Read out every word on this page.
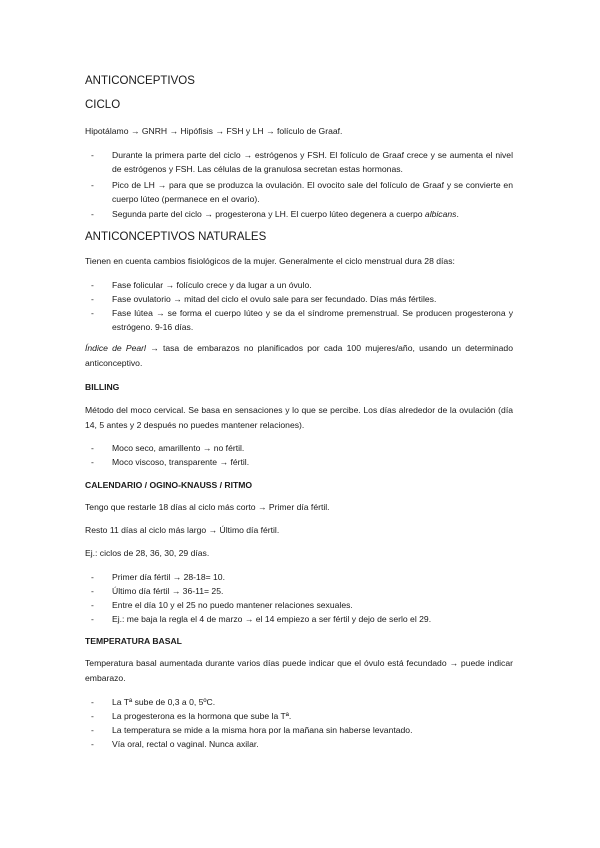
ANTICONCEPTIVOS
CICLO
Hipotálamo → GNRH → Hipófisis → FSH y LH → folículo de Graaf.
- Durante la primera parte del ciclo → estrógenos y FSH. El folículo de Graaf crece y se aumenta el nivel de estrógenos y FSH. Las células de la granulosa secretan estas hormonas.
- Pico de LH → para que se produzca la ovulación. El ovocito sale del folículo de Graaf y se convierte en cuerpo lúteo (permanece en el ovario).
- Segunda parte del ciclo → progesterona y LH. El cuerpo lúteo degenera a cuerpo albicans.
ANTICONCEPTIVOS NATURALES
Tienen en cuenta cambios fisiológicos de la mujer. Generalmente el ciclo menstrual dura 28 días:
- Fase folicular → folículo crece y da lugar a un óvulo.
- Fase ovulatorio → mitad del ciclo el ovulo sale para ser fecundado. Días más fértiles.
- Fase lútea → se forma el cuerpo lúteo y se da el síndrome premenstrual. Se producen progesterona y estrógeno. 9-16 días.
Índice de Pearl → tasa de embarazos no planificados por cada 100 mujeres/año, usando un determinado anticonceptivo.
BILLING
Método del moco cervical. Se basa en sensaciones y lo que se percibe. Los días alrededor de la ovulación (día 14, 5 antes y 2 después no puedes mantener relaciones).
- Moco seco, amarillento → no fértil.
- Moco viscoso, transparente → fértil.
CALENDARIO / OGINO-KNAUSS / RITMO
Tengo que restarle 18 días al ciclo más corto → Primer día fértil.
Resto 11 días al ciclo más largo → Último día fértil.
Ej.: ciclos de 28, 36, 30, 29 días.
- Primer día fértil → 28-18= 10.
- Último día fértil → 36-11= 25.
- Entre el día 10 y el 25 no puedo mantener relaciones sexuales.
- Ej.: me baja la regla el 4 de marzo → el 14 empiezo a ser fértil y dejo de serlo el 29.
TEMPERATURA BASAL
Temperatura basal aumentada durante varios días puede indicar que el óvulo está fecundado → puede indicar embarazo.
- La Tª sube de 0,3 a 0, 5ºC.
- La progesterona es la hormona que sube la Tª.
- La temperatura se mide a la misma hora por la mañana sin haberse levantado.
- Vía oral, rectal o vaginal. Nunca axilar.
